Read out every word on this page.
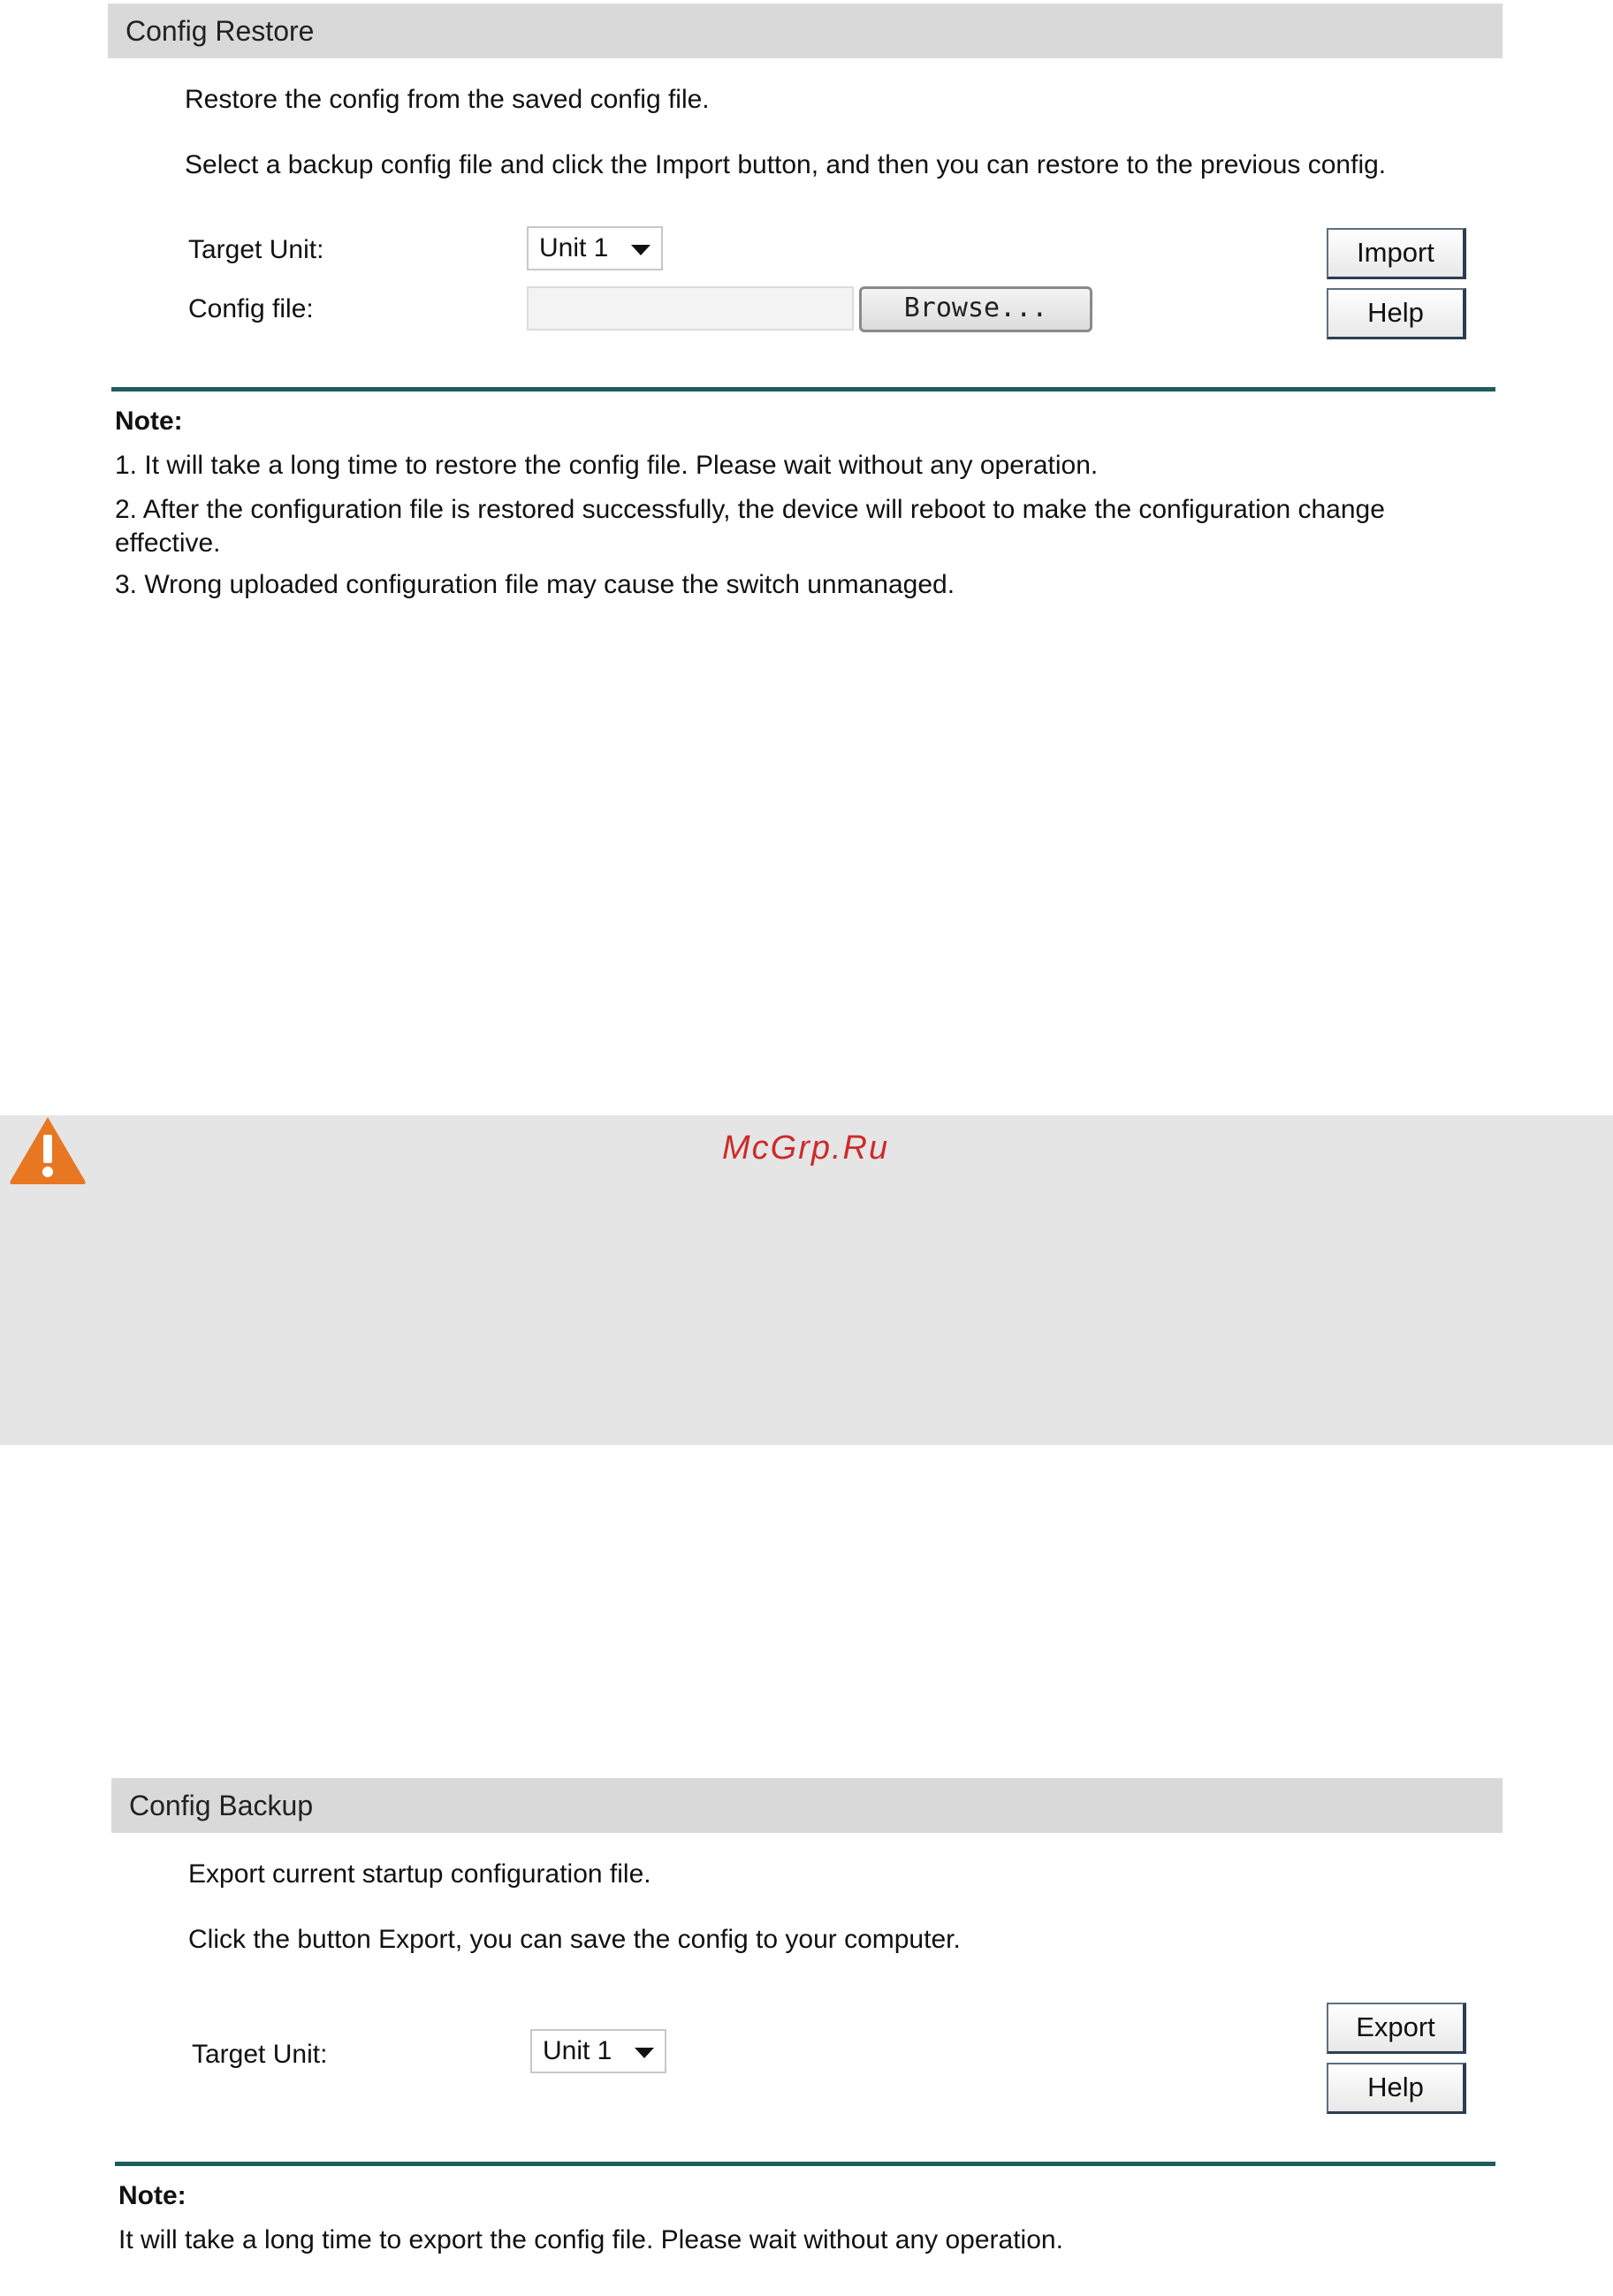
Config Restore
Restore the config from the saved config file.
Select a backup config file and click the Import button, and then you can restore to the previous config.
Target Unit:	Unit 1
Config file:	Browse...
Import
Help
Note:
1. It will take a long time to restore the config file. Please wait without any operation.
2. After the configuration file is restored successfully, the device will reboot to make the configuration change effective.
3. Wrong uploaded configuration file may cause the switch unmanaged.
McGrp.Ru
Config Backup
Export current startup configuration file.
Click the button Export, you can save the config to your computer.
Target Unit:	Unit 1
Export
Help
Note:
It will take a long time to export the config file. Please wait without any operation.
